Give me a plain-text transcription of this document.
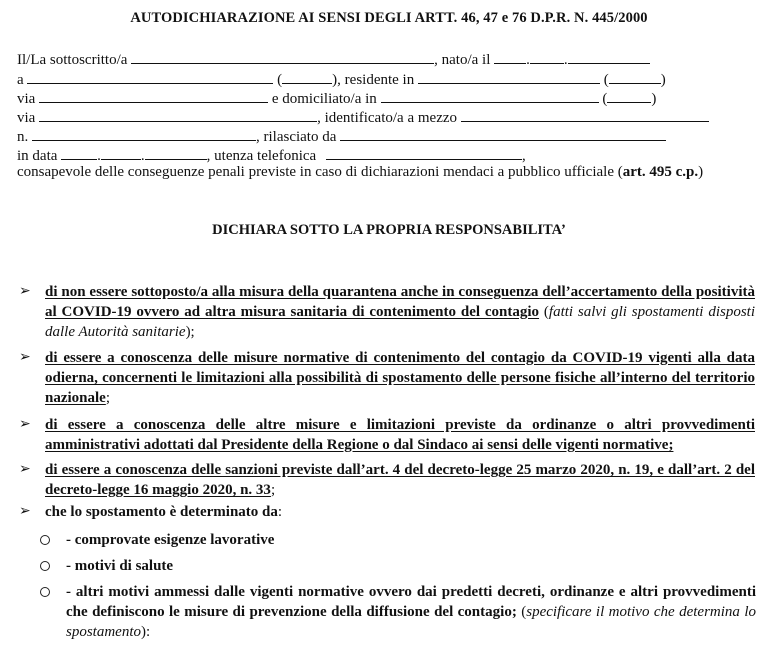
AUTODICHIARAZIONE AI SENSI DEGLI ARTT. 46, 47 e 76 D.P.R. N. 445/2000
Il/La sottoscritto/a	, nato/a il . .
a	(	), residente in	(	)
via	e domiciliato/a in	(	)
via	, identificato/a a mezzo
n.	, rilasciato da
in data	.	.	, utenza telefonica	,
consapevole delle conseguenze penali previste in caso di dichiarazioni mendaci a pubblico ufficiale (art. 495 c.p.)
DICHIARA SOTTO LA PROPRIA RESPONSABILITA’
➢ di non essere sottoposto/a alla misura della quarantena anche in conseguenza dell’accertamento della positività al COVID-19 ovvero ad altra misura sanitaria di contenimento del contagio (fatti salvi gli spostamenti disposti dalle Autorità sanitarie);
➢ di essere a conoscenza delle misure normative di contenimento del contagio da COVID-19 vigenti alla data odierna, concernenti le limitazioni alla possibilità di spostamento delle persone fisiche all’interno del territorio nazionale;
➢ di essere a conoscenza delle altre misure e limitazioni previste da ordinanze o altri provvedimenti amministrativi adottati dal Presidente della Regione o dal Sindaco ai sensi delle vigenti normative;
➢ di essere a conoscenza delle sanzioni previste dall’art. 4 del decreto-legge 25 marzo 2020, n. 19, e dall’art. 2 del decreto-legge 16 maggio 2020, n. 33;
➢ che lo spostamento è determinato da:
- comprovate esigenze lavorative
- motivi di salute
- altri motivi ammessi dalle vigenti normative ovvero dai predetti decreti, ordinanze e altri provvedimenti che definiscono le misure di prevenzione della diffusione del contagio; (specificare il motivo che determina lo spostamento):
